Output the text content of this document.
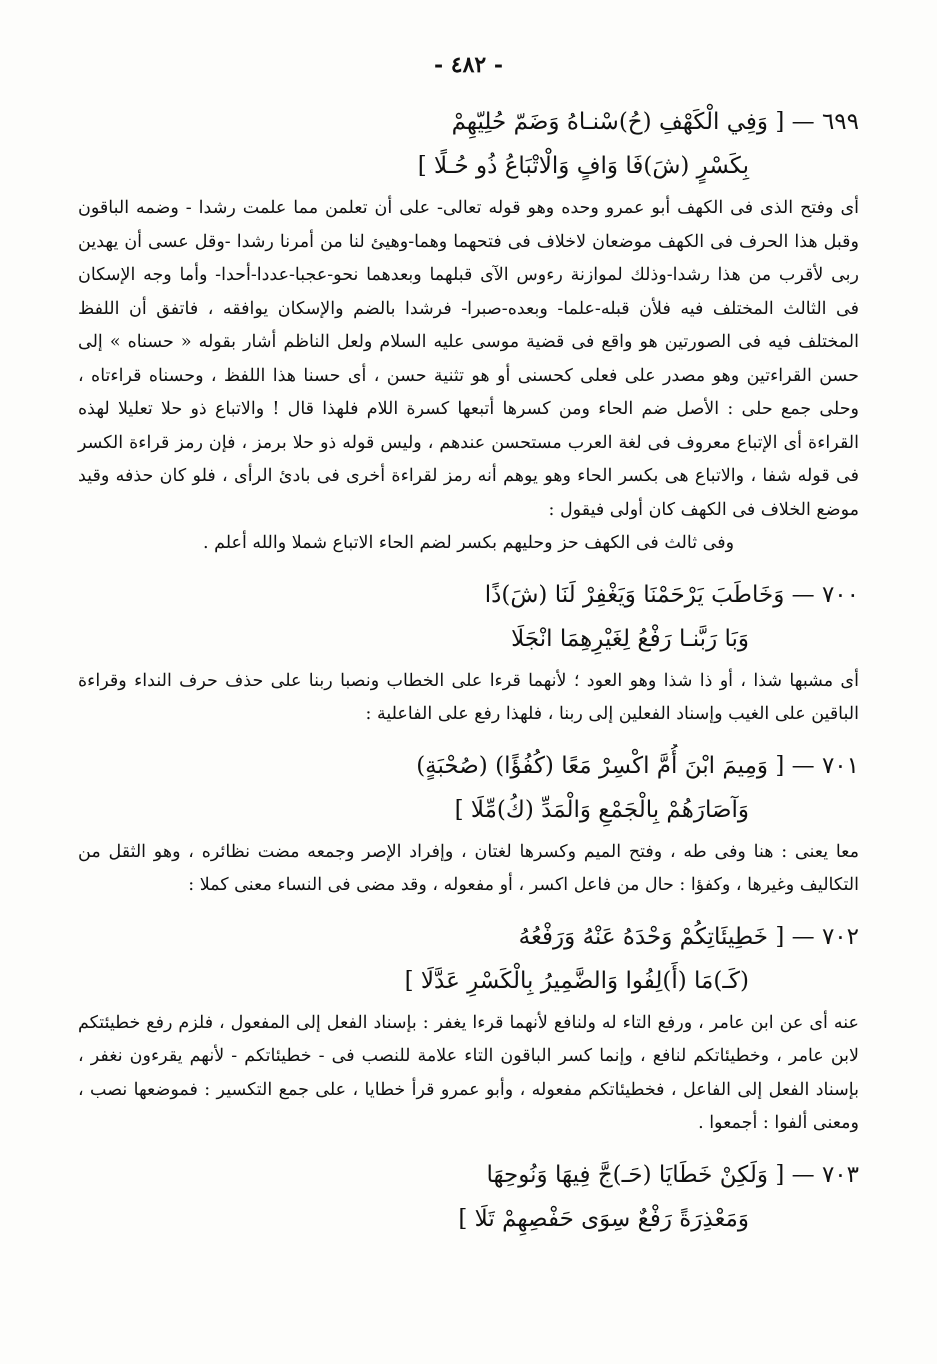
- ٤٨٢ -
٦٩٩ — [ وَفِي الْكَهْفِ (حُ)سْنـاهُ وَضَمّ حُلِيّهِمْ
بِكَسْرٍ (شَ)فَا وَافٍ وَالْاتْبَاعُ ذُو حُـلًا ]

أى وفتح الذى فى الكهف أبو عمرو وحده وهو قوله تعالى- على أن تعلمن مما علمت رشدا - وضمه الباقون وقبل هذا الحرف فى الكهف موضعان لاخلاف فى فتحهما وهما-وهيئ لنا من أمرنا رشدا -وقل عسى أن يهدين ربى لأقرب من هذا رشدا-وذلك لموازنة رءوس الآى قبلهما وبعدهما نحو-عجبا-عددا-أحدا- وأما وجه الإسكان فى الثالث المختلف فيه فلأن قبله-علما- وبعده-صبرا- فرشدا بالضم والإسكان يوافقه ، فاتفق أن اللفظ المختلف فيه فى الصورتين هو واقع فى قضية موسى عليه السلام ولعل الناظم أشار بقوله « حسناه » إلى حسن القراءتين وهو مصدر على فعلى كحسنى أو هو تثنية حسن ، أى حسنا هذا اللفظ ، وحسناه قراءتاه ، وحلى جمع حلى : الأصل ضم الحاء ومن كسرها أتبعها كسرة اللام فلهذا قال ! والاتباع ذو حلا تعليلا لهذه القراءة أى الإتباع معروف فى لغة العرب مستحسن عندهم ، وليس قوله ذو حلا برمز ، فإن رمز قراءة الكسر فى قوله شفا ، والاتباع هى بكسر الحاء وهو يوهم أنه رمز لقراءة أخرى فى بادئ الرأى ، فلو كان حذفه وقيد موضع الخلاف فى الكهف كان أولى فيقول :

وفى ثالث فى الكهف حز وحليهم بكسر لضم الحاء الاتباع شملا والله أعلم .

٧٠٠ — وَخَاطَبَ يَرْحَمْنَا وَيَغْفِرْ لَنَا (شَ)ذًا
وَبَا رَبَّنـا رَفْعُ لِغَيْرِهِمَا انْجَلَا

أى مشبها شذا ، أو ذا شذا وهو العود ؛ لأنهما قرءا على الخطاب ونصبا ربنا على حذف حرف النداء وقراءة الباقين على الغيب وإسناد الفعلين إلى ربنا ، فلهذا رفع على الفاعلية :

٧٠١ — [ وَمِيمَ ابْنَ أُمَّ اكْسِرْ مَعًا (كُفُؤًا) (صُحْبَةٍ)
وَآصَارَهُمْ بِالْجَمْعِ وَالْمَدِّ (كُ)مِّلَا ]

معا يعنى : هنا وفى طه ، وفتح الميم وكسرها لغتان ، وإفراد الإصر وجمعه مضت نظائره ، وهو الثقل من التكاليف وغيرها ، وكفؤا : حال من فاعل اكسر ، أو مفعوله ، وقد مضى فى النساء معنى كملا :

٧٠٢ — [ خَطِيئَاتِكُمْ وَحْدَهُ عَنْهُ وَرَفْعُهُ
(كَـ)مَا (أَ)لِفُوا وَالضَّمِيرُ بِالْكَسْرِ عَدَّلَا ]

عنه أى عن ابن عامر ، ورفع التاء له ولنافع لأنهما قرءا يغفر : بإسناد الفعل إلى المفعول ، فلزم رفع خطيئتكم لابن عامر ، وخطيئاتكم لنافع ، وإنما كسر الباقون التاء علامة للنصب فى - خطيئاتكم - لأنهم يقرءون نغفر ، بإسناد الفعل إلى الفاعل ، فخطيئاتكم مفعوله ، وأبو عمرو قرأ خطايا ، على جمع التكسير : فموضعها نصب ، ومعنى ألفوا : أجمعوا .

٧٠٣ — [ وَلَكِنْ خَطَايَا (حَـ)جَّ فِيهَا وَنُوحِهَا
وَمَعْذِرَةً رَفْعٌ سِوَى حَفْصِهِمْ تَلَا ]
